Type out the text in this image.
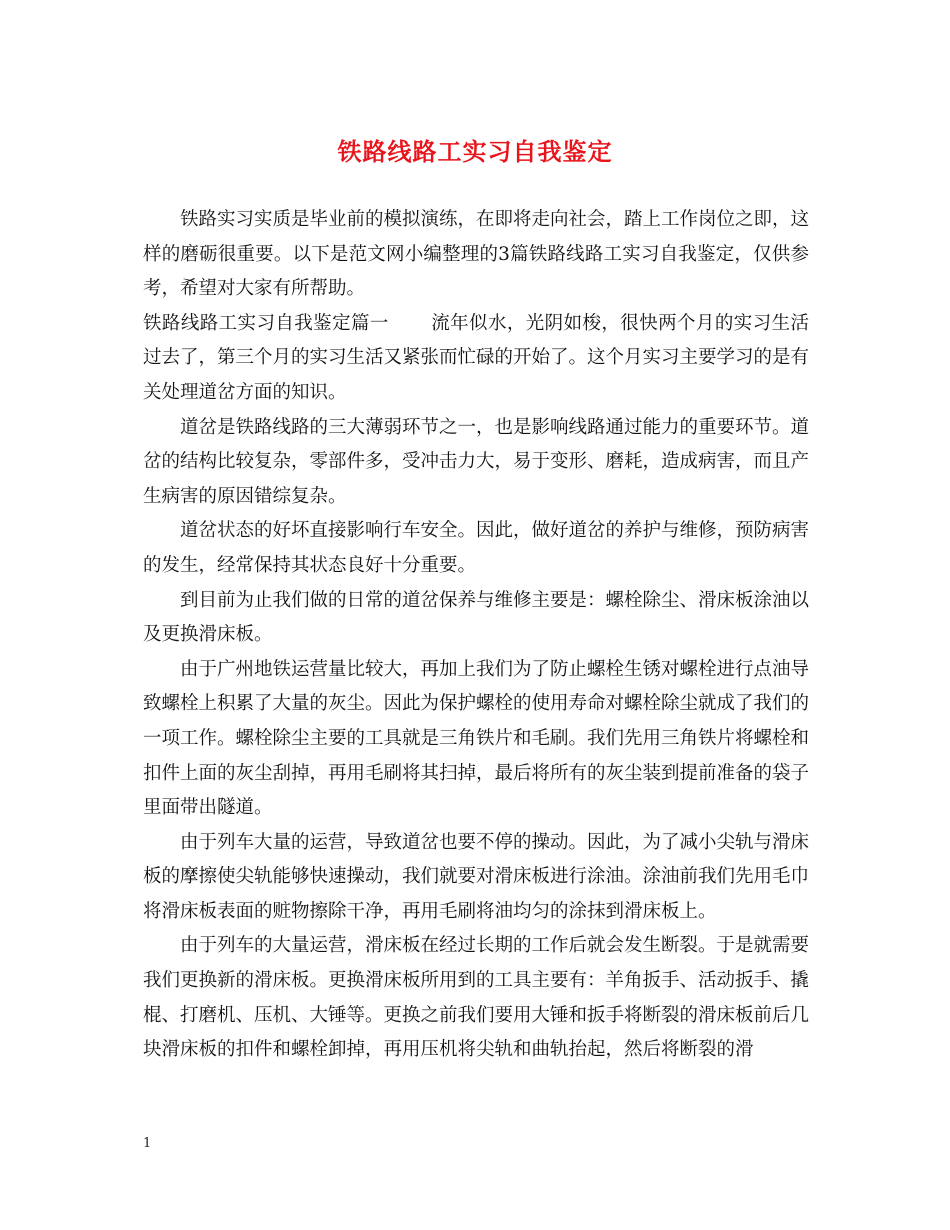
铁路线路工实习自我鉴定

铁路实习实质是毕业前的模拟演练，在即将走向社会，踏上工作岗位之即，这样的磨砺很重要。以下是范文网小编整理的3篇铁路线路工实习自我鉴定，仅供参考，希望对大家有所帮助。

铁路线路工实习自我鉴定篇一 流年似水，光阴如梭，很快两个月的实习生活过去了，第三个月的实习生活又紧张而忙碌的开始了。这个月实习主要学习的是有关处理道岔方面的知识。

道岔是铁路线路的三大薄弱环节之一，也是影响线路通过能力的重要环节。道岔的结构比较复杂，零部件多，受冲击力大，易于变形、磨耗，造成病害，而且产生病害的原因错综复杂。

道岔状态的好坏直接影响行车安全。因此，做好道岔的养护与维修，预防病害的发生，经常保持其状态良好十分重要。

到目前为止我们做的日常的道岔保养与维修主要是：螺栓除尘、滑床板涂油以及更换滑床板。

由于广州地铁运营量比较大，再加上我们为了防止螺栓生锈对螺栓进行点油导致螺栓上积累了大量的灰尘。因此为保护螺栓的使用寿命对螺栓除尘就成了我们的一项工作。螺栓除尘主要的工具就是三角铁片和毛刷。我们先用三角铁片将螺栓和扣件上面的灰尘刮掉，再用毛刷将其扫掉，最后将所有的灰尘装到提前准备的袋子里面带出隧道。

由于列车大量的运营，导致道岔也要不停的操动。因此，为了减小尖轨与滑床板的摩擦使尖轨能够快速操动，我们就要对滑床板进行涂油。涂油前我们先用毛巾将滑床板表面的赃物擦除干净，再用毛刷将油均匀的涂抹到滑床板上。

由于列车的大量运营，滑床板在经过长期的工作后就会发生断裂。于是就需要我们更换新的滑床板。更换滑床板所用到的工具主要有：羊角扳手、活动扳手、撬棍、打磨机、压机、大锤等。更换之前我们要用大锤和扳手将断裂的滑床板前后几块滑床板的扣件和螺栓卸掉，再用压机将尖轨和曲轨抬起，然后将断裂的滑

1
